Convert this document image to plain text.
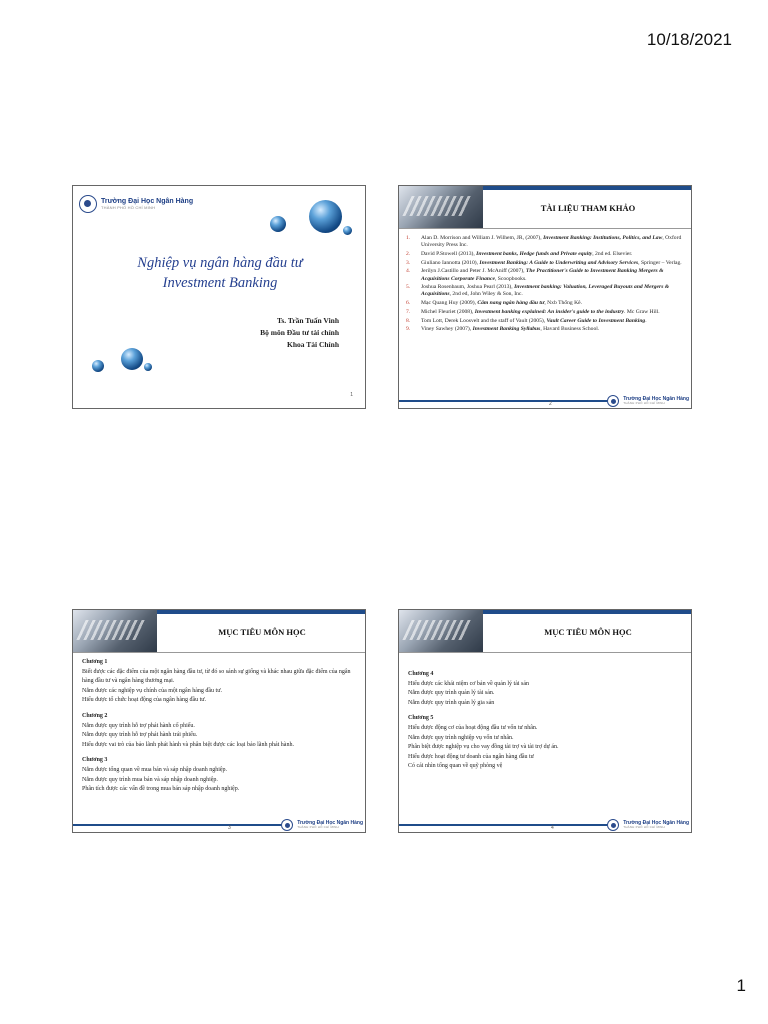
10/18/2021
Trường Đại Học Ngân Hàng
THÀNH PHỐ HỒ CHÍ MINH
Nghiệp vụ ngân hàng đầu tư
Investment Banking
Ts. Trần Tuấn Vinh
Bộ môn Đầu tư tài chính
Khoa Tài Chính
1
TÀI LIỆU THAM KHẢO
1. Alan D. Morrison and William J. Wilhem, JR, (2007), Investment Banking: Institutions, Politics, and Law, Oxford University Press Inc.
2. David P.Stowell (2013), Investment banks, Hedge funds and Private equity, 2nd ed. Elsevier.
3. Giuliano Iannotta (2010), Investment Banking: A Guide to Underwriting and Advisory Services, Springer – Verlag.
4. Jerilyn J.Castillo and Peter J. McAniff (2007), The Practitioner's Guide to Investment Banking Mergers & Acquisitions Corporate Finance, Scoopbooks.
5. Joshua Rosenbaum, Joshua Pearl (2013), Investment banking: Valuation, Leveraged Buyouts and Mergers & Acquisitions, 2nd ed, John Wiley & Son, Inc.
6. Mạc Quang Huy (2009), Cẩm nang ngân hàng đầu tư, Nxb Thống Kê.
7. Michel Fleuriet (2008), Investment banking explained: An insider's guide to the industry. Mc Graw Hill.
8. Tom Lott, Derek Loosvelt and the staff of Vault (2005), Vault Career Guide to Investment Banking.
9. Viney Sawhey (2007), Investment Banking Syllabus, Havard Business School.
2
Trường Đại Học Ngân Hàng
THÀNH PHỐ HỒ CHÍ MINH
MỤC TIÊU MÔN HỌC
Chương 1
Biết được các đặc điểm của một ngân hàng đầu tư, từ đó so sánh sự giống và khác nhau giữa đặc điểm của ngân hàng đầu tư và ngân hàng thương mại.
Nắm được các nghiệp vụ chính của một ngân hàng đầu tư.
Hiểu được tổ chức hoạt động của ngân hàng đầu tư.
Chương 2
Nắm được quy trình hỗ trợ phát hành cổ phiếu.
Nắm được quy trình hỗ trợ phát hành trái phiếu.
Hiểu được vai trò của bảo lãnh phát hành và phân biệt được các loại bảo lãnh phát hành.
Chương 3
Nắm được tổng quan về mua bán và sáp nhập doanh nghiệp.
Nắm được quy trình mua bán và sáp nhập doanh nghiệp.
Phân tích được các vấn đề trong mua bán sáp nhập doanh nghiệp.
3
Trường Đại Học Ngân Hàng
THÀNH PHỐ HỒ CHÍ MINH
MỤC TIÊU MÔN HỌC
Chương 4
Hiểu được các khái niệm cơ bản về quản lý tài sản
Nắm được quy trình quản lý tài sản.
Nắm được quy trình quản lý gia sản
Chương 5
Hiểu được động cơ của hoạt động đầu tư vốn tư nhân.
Nắm được quy trình nghiệp vụ vốn tư nhân.
Phân biệt được nghiệp vụ cho vay đồng tài trợ và tài trợ dự án.
Hiểu được hoạt động tư doanh của ngân hàng đầu tư
Có cái nhìn tổng quan về quỹ phòng vệ
4
Trường Đại Học Ngân Hàng
THÀNH PHỐ HỒ CHÍ MINH
1
